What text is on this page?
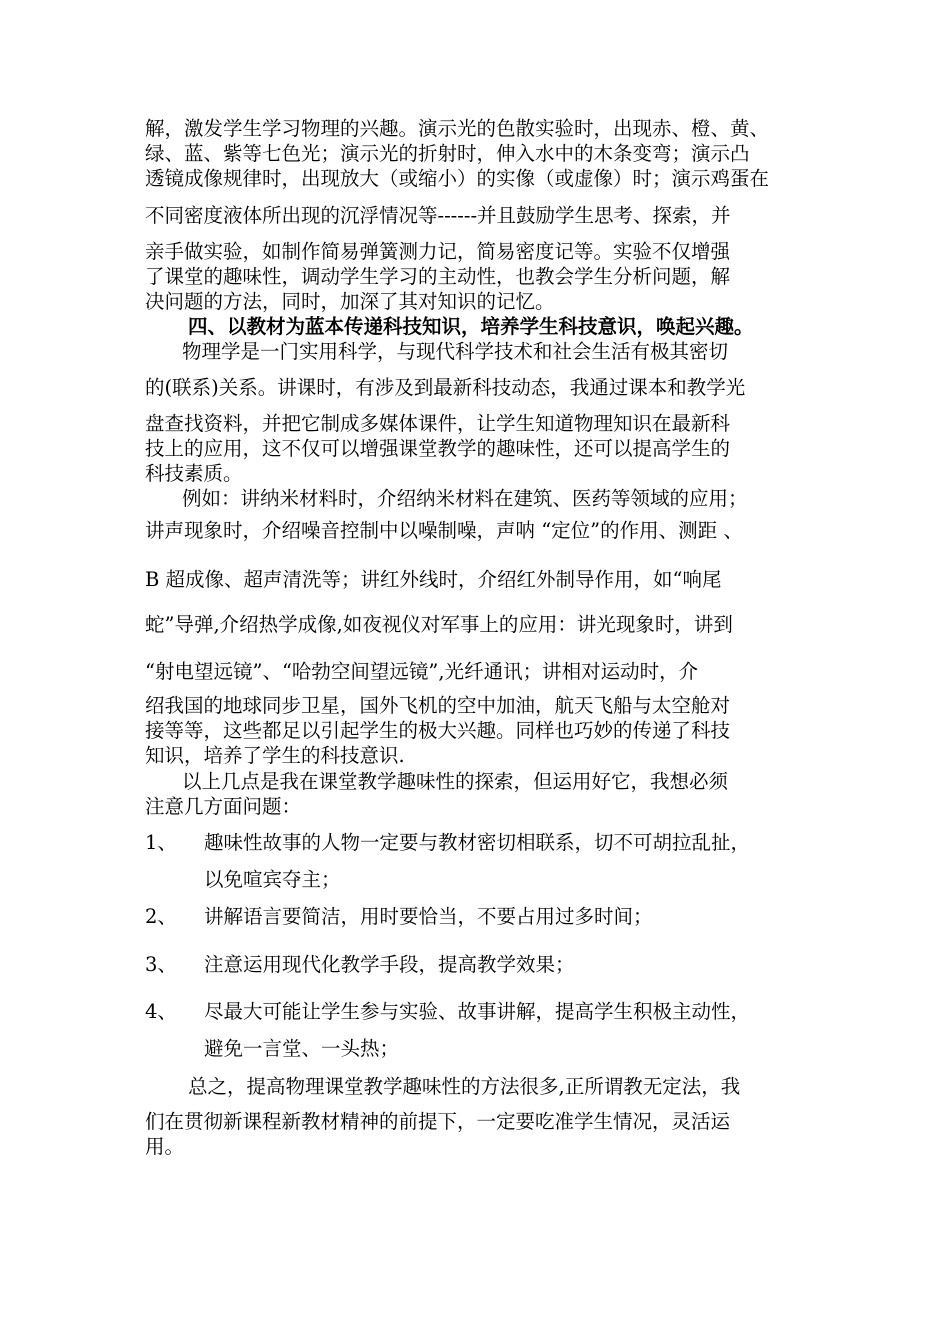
解，激发学生学习物理的兴趣。演示光的色散实验时，出现赤、橙、黄、
绿、蓝、紫等七色光；演示光的折射时，伸入水中的木条变弯；演示凸
透镜成像规律时，出现放大（或缩小）的实像（或虚像）时；演示鸡蛋在
不同密度液体所出现的沉浮情况等------并且鼓励学生思考、探索，并
亲手做实验，如制作简易弹簧测力记，简易密度记等。实验不仅增强
了课堂的趣味性，调动学生学习的主动性，也教会学生分析问题，解
决问题的方法，同时，加深了其对知识的记忆。
四、以教材为蓝本传递科技知识，培养学生科技意识，唤起兴趣。
物理学是一门实用科学，与现代科学技术和社会生活有极其密切
的(联系)关系。讲课时，有涉及到最新科技动态，我通过课本和教学光
盘查找资料，并把它制成多媒体课件，让学生知道物理知识在最新科
技上的应用，这不仅可以增强课堂教学的趣味性，还可以提高学生的
科技素质。
例如：讲纳米材料时，介绍纳米材料在建筑、医药等领域的应用；
讲声现象时，介绍噪音控制中以噪制噪，声呐 “定位”的作用、测距 、
B 超成像、超声清洗等；讲红外线时，介绍红外制导作用，如“响尾
蛇”导弹,介绍热学成像,如夜视仪对军事上的应用：讲光现象时，讲到
“射电望远镜”、“哈勃空间望远镜”,光纤通讯；讲相对运动时，介
绍我国的地球同步卫星，国外飞机的空中加油，航天飞船与太空舱对
接等等，这些都足以引起学生的极大兴趣。同样也巧妙的传递了科技
知识，培养了学生的科技意识.
以上几点是我在课堂教学趣味性的探索，但运用好它，我想必须
注意几方面问题：
1、 趣味性故事的人物一定要与教材密切相联系，切不可胡拉乱扯，
以免喧宾夺主；
2、 讲解语言要简洁，用时要恰当，不要占用过多时间；
3、 注意运用现代化教学手段，提高教学效果；
4、 尽最大可能让学生参与实验、故事讲解，提高学生积极主动性，
避免一言堂、一头热；
总之，提高物理课堂教学趣味性的方法很多,正所谓教无定法，我
们在贯彻新课程新教材精神的前提下，一定要吃准学生情况，灵活运
用。
